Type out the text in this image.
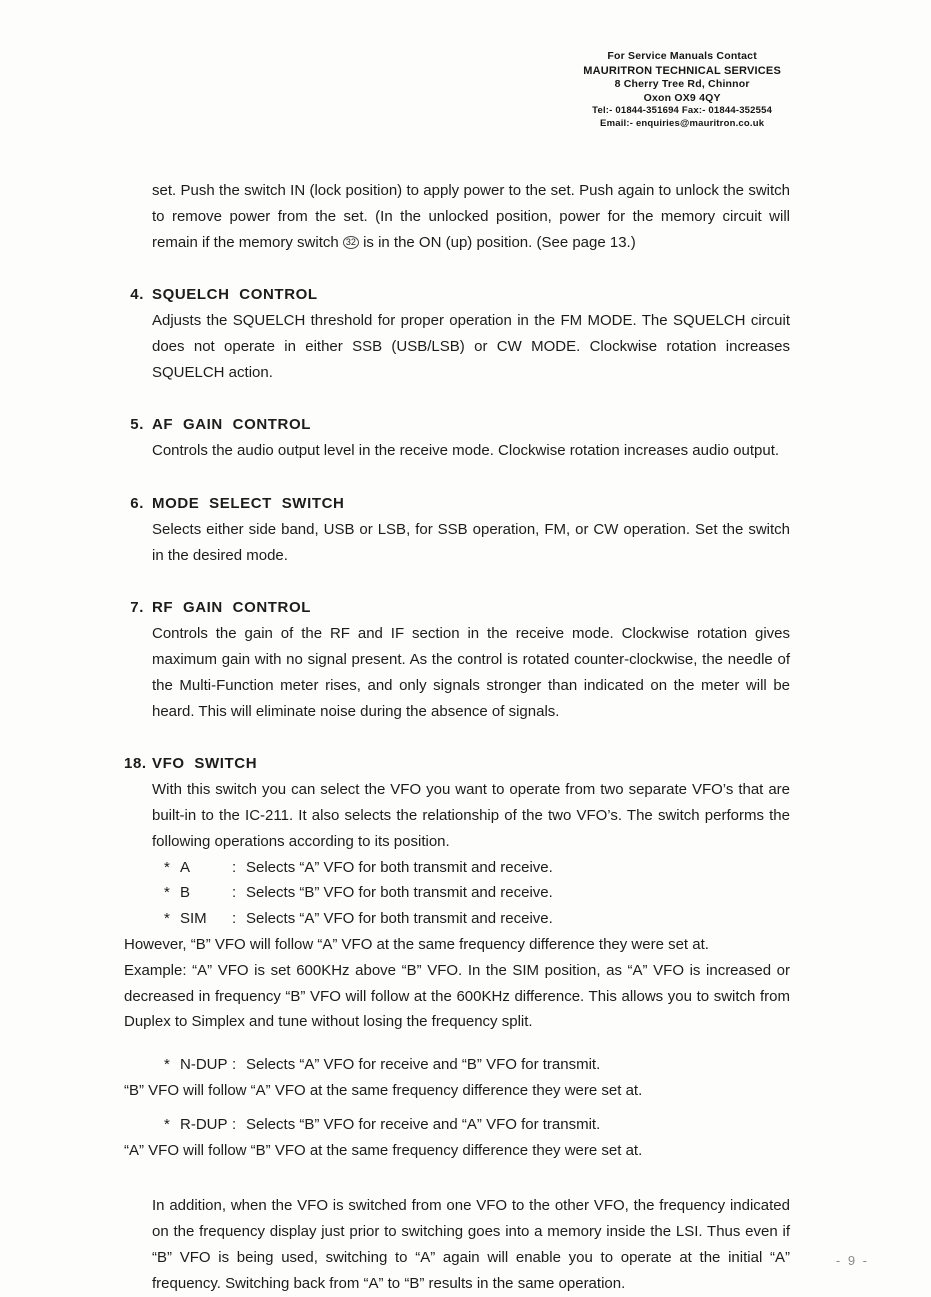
For Service Manuals Contact
MAURITRON TECHNICAL SERVICES
8 Cherry Tree Rd, Chinnor
Oxon OX9 4QY
Tel:- 01844-351694 Fax:- 01844-352554
Email:- enquiries@mauritron.co.uk

set. Push the switch IN (lock position) to apply power to the set. Push again to unlock the switch to remove power from the set. (In the unlocked position, power for the memory circuit will remain if the memory switch 32 is in the ON (up) position. (See page 13.)

4. SQUELCH CONTROL

Adjusts the SQUELCH threshold for proper operation in the FM MODE. The SQUELCH circuit does not operate in either SSB (USB/LSB) or CW MODE. Clockwise rotation increases SQUELCH action.

5. AF GAIN CONTROL

Controls the audio output level in the receive mode. Clockwise rotation increases audio output.

6. MODE SELECT SWITCH

Selects either side band, USB or LSB, for SSB operation, FM, or CW operation. Set the switch in the desired mode.

7. RF GAIN CONTROL

Controls the gain of the RF and IF section in the receive mode. Clockwise rotation gives maximum gain with no signal present. As the control is rotated counter-clockwise, the needle of the Multi-Function meter rises, and only signals stronger than indicated on the meter will be heard. This will eliminate noise during the absence of signals.

18. VFO SWITCH

With this switch you can select the VFO you want to operate from two separate VFO’s that are built-in to the IC-211. It also selects the relationship of the two VFO’s. The switch performs the following operations according to its position.

* A	: Selects “A” VFO for both transmit and receive.
* B	: Selects “B” VFO for both transmit and receive.
* SIM	: Selects “A” VFO for both transmit and receive.

However, “B” VFO will follow “A” VFO at the same frequency difference they were set at.

Example: “A” VFO is set 600KHz above “B” VFO. In the SIM position, as “A” VFO is increased or decreased in frequency “B” VFO will follow at the 600KHz difference. This allows you to switch from Duplex to Simplex and tune without losing the frequency split.

* N-DUP : Selects “A” VFO for receive and “B” VFO for transmit.

“B” VFO will follow “A” VFO at the same frequency difference they were set at.

* R-DUP : Selects “B” VFO for receive and “A” VFO for transmit.

“A” VFO will follow “B” VFO at the same frequency difference they were set at.

In addition, when the VFO is switched from one VFO to the other VFO, the frequency indicated on the frequency display just prior to switching goes into a memory inside the LSI. Thus even if “B” VFO is being used, switching to “A” again will enable you to operate at the initial “A” frequency. Switching back from “A” to “B” results in the same operation.

- 9 -
